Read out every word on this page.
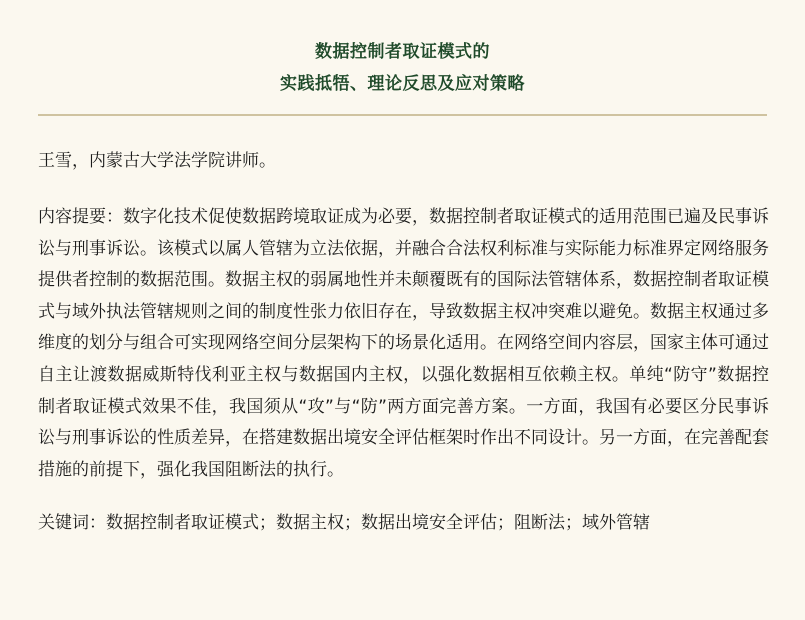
数据控制者取证模式的
实践抵牾、理论反思及应对策略
王雪，内蒙古大学法学院讲师。
内容提要：数字化技术促使数据跨境取证成为必要，数据控制者取证模式的适用范围已遍及民事诉讼与刑事诉讼。该模式以属人管辖为立法依据，并融合合法权利标准与实际能力标准界定网络服务提供者控制的数据范围。数据主权的弱属地性并未颠覆既有的国际法管辖体系，数据控制者取证模式与域外执法管辖规则之间的制度性张力依旧存在，导致数据主权冲突难以避免。数据主权通过多维度的划分与组合可实现网络空间分层架构下的场景化适用。在网络空间内容层，国家主体可通过自主让渡数据威斯特伐利亚主权与数据国内主权，以强化数据相互依赖主权。单纯“防守”数据控制者取证模式效果不佳，我国须从“攻”与“防”两方面完善方案。一方面，我国有必要区分民事诉讼与刑事诉讼的性质差异，在搭建数据出境安全评估框架时作出不同设计。另一方面，在完善配套措施的前提下，强化我国阻断法的执行。
关键词：数据控制者取证模式；数据主权；数据出境安全评估；阻断法；域外管辖
